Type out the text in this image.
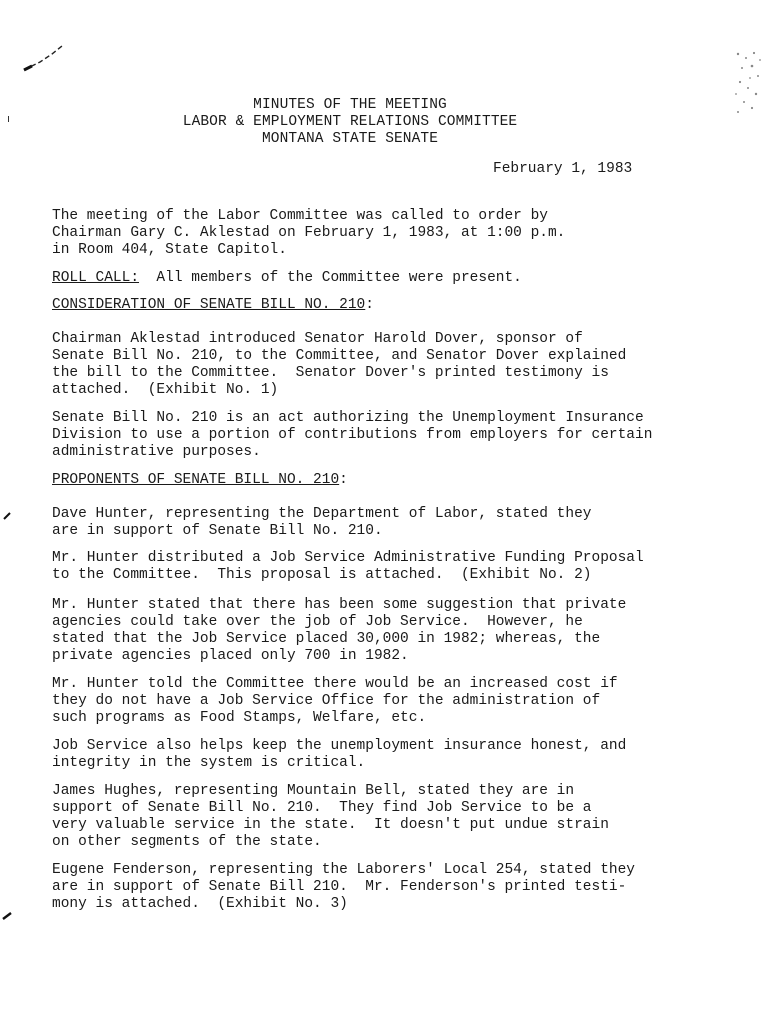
MINUTES OF THE MEETING
LABOR & EMPLOYMENT RELATIONS COMMITTEE
MONTANA STATE SENATE
February 1, 1983

The meeting of the Labor Committee was called to order by
Chairman Gary C. Aklestad on February 1, 1983, at 1:00 p.m.
in Room 404, State Capitol.

ROLL CALL:  All members of the Committee were present.

CONSIDERATION OF SENATE BILL NO. 210:

Chairman Aklestad introduced Senator Harold Dover, sponsor of
Senate Bill No. 210, to the Committee, and Senator Dover explained
the bill to the Committee.  Senator Dover's printed testimony is
attached.  (Exhibit No. 1)

Senate Bill No. 210 is an act authorizing the Unemployment Insurance
Division to use a portion of contributions from employers for certain
administrative purposes.

PROPONENTS OF SENATE BILL NO. 210:

Dave Hunter, representing the Department of Labor, stated they
are in support of Senate Bill No. 210.

Mr. Hunter distributed a Job Service Administrative Funding Proposal
to the Committee.  This proposal is attached.  (Exhibit No. 2)

Mr. Hunter stated that there has been some suggestion that private
agencies could take over the job of Job Service.  However, he
stated that the Job Service placed 30,000 in 1982; whereas, the
private agencies placed only 700 in 1982.

Mr. Hunter told the Committee there would be an increased cost if
they do not have a Job Service Office for the administration of
such programs as Food Stamps, Welfare, etc.

Job Service also helps keep the unemployment insurance honest, and
integrity in the system is critical.

James Hughes, representing Mountain Bell, stated they are in
support of Senate Bill No. 210.  They find Job Service to be a
very valuable service in the state.  It doesn't put undue strain
on other segments of the state.

Eugene Fenderson, representing the Laborers' Local 254, stated they
are in support of Senate Bill 210.  Mr. Fenderson's printed testi-
mony is attached.  (Exhibit No. 3)
